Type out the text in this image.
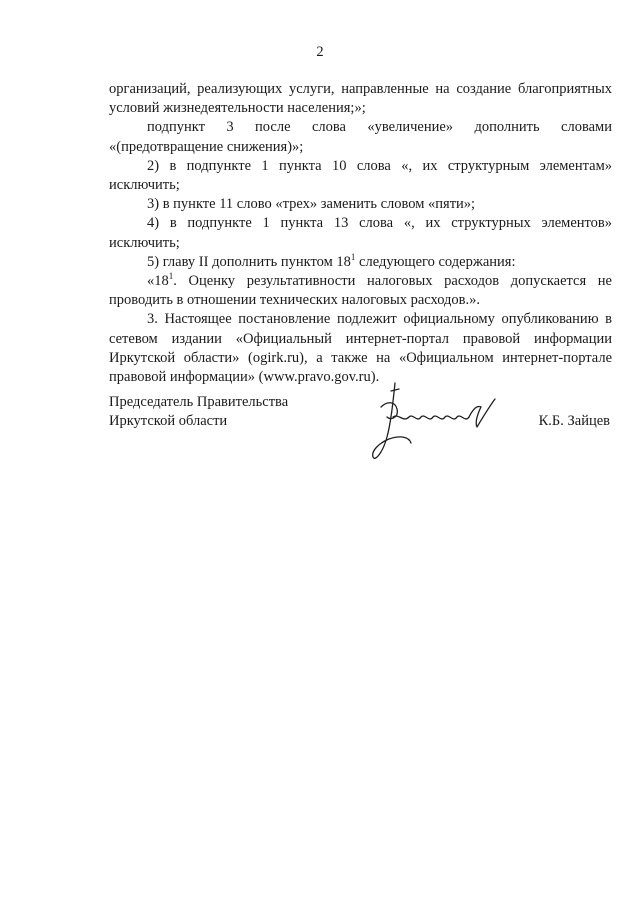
2

организаций, реализующих услуги, направленные на создание благоприятных условий жизнедеятельности населения;»;

подпункт 3 после слова «увеличение» дополнить словами «(предотвращение снижения)»;

2) в подпункте 1 пункта 10 слова «, их структурным элементам» исключить;

3) в пункте 11 слово «трех» заменить словом «пяти»;

4) в подпункте 1 пункта 13 слова «, их структурных элементов» исключить;

5) главу II дополнить пунктом $18^1$ следующего содержания:

«$18^1$. Оценку результативности налоговых расходов допускается не проводить в отношении технических налоговых расходов.».

3. Настоящее постановление подлежит официальному опубликованию в сетевом издании «Официальный интернет-портал правовой информации Иркутской области» (ogirk.ru), а также на «Официальном интернет-портале правовой информации» (www.pravo.gov.ru).

Председатель Правительства
Иркутской области	К.Б. Зайцев
